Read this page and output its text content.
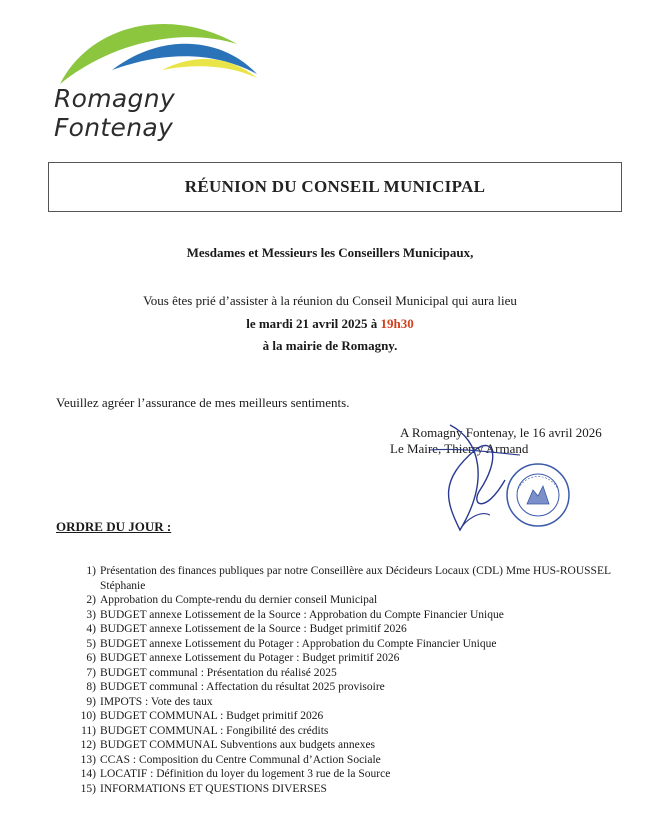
Romagny Fontenay
RÉUNION DU CONSEIL MUNICIPAL
Mesdames et Messieurs les Conseillers Municipaux,
Vous êtes prié d’assister à la réunion du Conseil Municipal qui aura lieu
le mardi 21 avril 2025 à 19h30
à la mairie de Romagny.
Veuillez agréer l’assurance de mes meilleurs sentiments.
A Romagny Fontenay, le 16 avril 2026
Le Maire, Thierry Armand
ORDRE DU JOUR :
1) Présentation des finances publiques par notre Conseillère aux Décideurs Locaux (CDL) Mme HUS-ROUSSEL Stéphanie
2) Approbation du Compte-rendu du dernier conseil Municipal
3) BUDGET annexe Lotissement de la Source : Approbation du Compte Financier Unique
4) BUDGET annexe Lotissement de la Source : Budget primitif 2026
5) BUDGET annexe Lotissement du Potager : Approbation du Compte Financier Unique
6) BUDGET annexe Lotissement du Potager : Budget primitif 2026
7) BUDGET communal : Présentation du réalisé 2025
8) BUDGET communal : Affectation du résultat 2025 provisoire
9) IMPOTS : Vote des taux
10) BUDGET COMMUNAL : Budget primitif 2026
11) BUDGET COMMUNAL : Fongibilité des crédits
12) BUDGET COMMUNAL Subventions aux budgets annexes
13) CCAS : Composition du Centre Communal d’Action Sociale
14) LOCATIF : Définition du loyer du logement 3 rue de la Source
15) INFORMATIONS ET QUESTIONS DIVERSES
